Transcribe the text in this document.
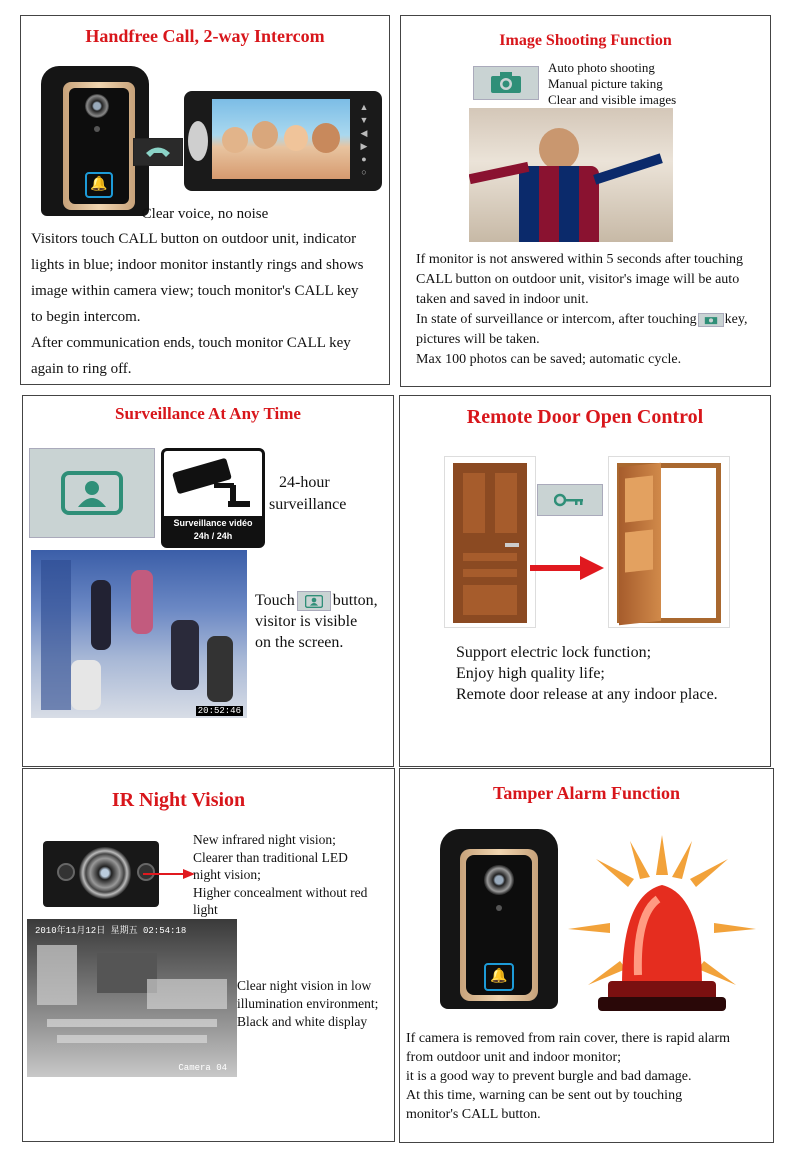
Handfree Call, 2-way Intercom
🔔
▲
▼
◀
▶
●
○
Clear voice, no noise
Visitors touch CALL button on outdoor unit, indicator
lights in blue; indoor monitor instantly rings and shows
image within camera view; touch monitor's CALL key
to begin intercom.
After communication ends, touch monitor CALL key
again to ring off.
Image Shooting Function
Auto photo shooting
Manual picture taking
Clear and visible images
If monitor is not answered within 5 seconds after touching
CALL button on outdoor unit, visitor's image will be auto
taken and saved in indoor unit.
In state of surveillance or intercom, after touching key,
pictures will be taken.
Max 100 photos can be saved; automatic cycle.
Surveillance At Any Time
Surveillance vidéo
24h / 24h
24-hour
surveillance
20:52:46
Touch button,
visitor is visible
on the screen.
Remote Door Open Control
Support electric lock function;
Enjoy high quality life;
Remote door release at any indoor place.
IR Night Vision
New infrared night vision;
Clearer than traditional LED
night vision;
Higher concealment without red
light
2010年11月12日 星期五 02:54:18
Camera 04
Clear night vision in low
illumination environment;
Black and white display
Tamper Alarm Function
🔔
If camera is removed from rain cover, there is rapid alarm
from outdoor unit and indoor monitor;
it is a good way to prevent burgle and bad damage.
At this time, warning can be sent out by touching
monitor's CALL button.
